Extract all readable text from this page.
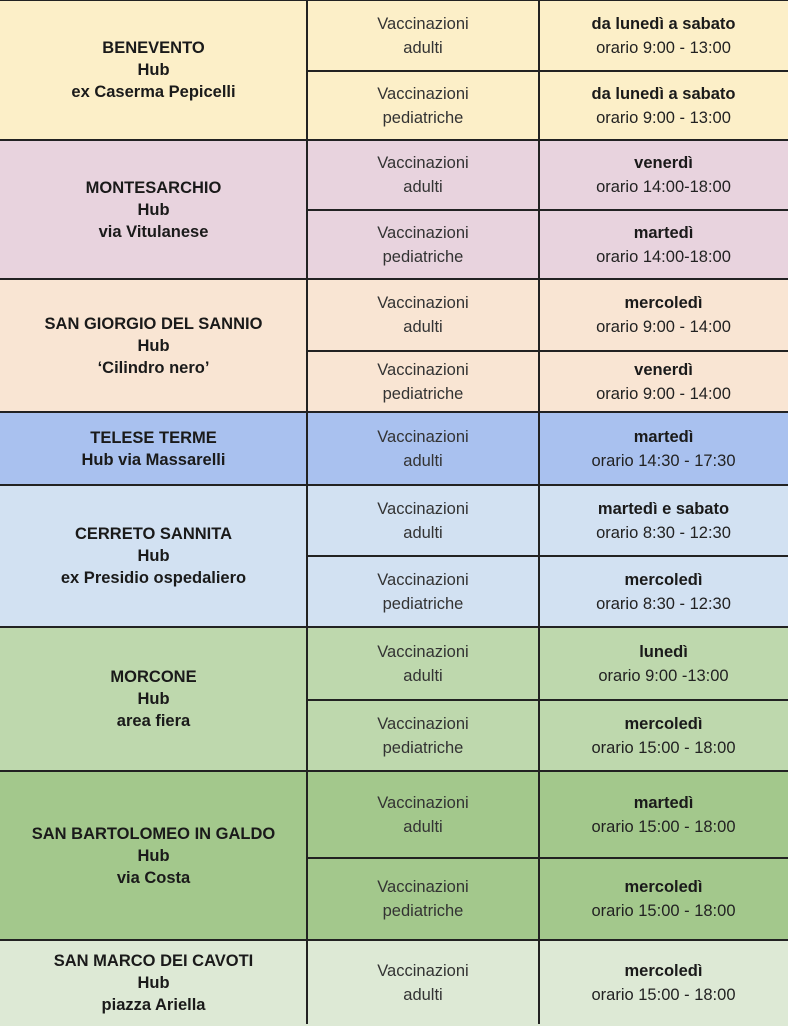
BENEVENTO
Hub
ex Caserma Pepicelli
Vaccinazioni
adulti
da lunedì a sabato
orario 9:00 - 13:00
Vaccinazioni
pediatriche
da lunedì a sabato
orario 9:00 - 13:00
MONTESARCHIO
Hub
via Vitulanese
Vaccinazioni
adulti
venerdì
orario 14:00-18:00
Vaccinazioni
pediatriche
martedì
orario 14:00-18:00
SAN GIORGIO DEL SANNIO
Hub
‘Cilindro nero’
Vaccinazioni
adulti
mercoledì
orario 9:00 - 14:00
Vaccinazioni
pediatriche
venerdì
orario 9:00 - 14:00
TELESE TERME
Hub via Massarelli
Vaccinazioni
adulti
martedì
orario 14:30 - 17:30
CERRETO SANNITA
Hub
ex Presidio ospedaliero
Vaccinazioni
adulti
martedì e sabato
orario 8:30 - 12:30
Vaccinazioni
pediatriche
mercoledì
orario 8:30 - 12:30
MORCONE
Hub
area fiera
Vaccinazioni
adulti
lunedì
orario 9:00 -13:00
Vaccinazioni
pediatriche
mercoledì
orario 15:00 - 18:00
SAN BARTOLOMEO IN GALDO
Hub
via Costa
Vaccinazioni
adulti
martedì
orario 15:00 - 18:00
Vaccinazioni
pediatriche
mercoledì
orario 15:00 - 18:00
SAN MARCO DEI CAVOTI
Hub
piazza Ariella
Vaccinazioni
adulti
mercoledì
orario 15:00 - 18:00
